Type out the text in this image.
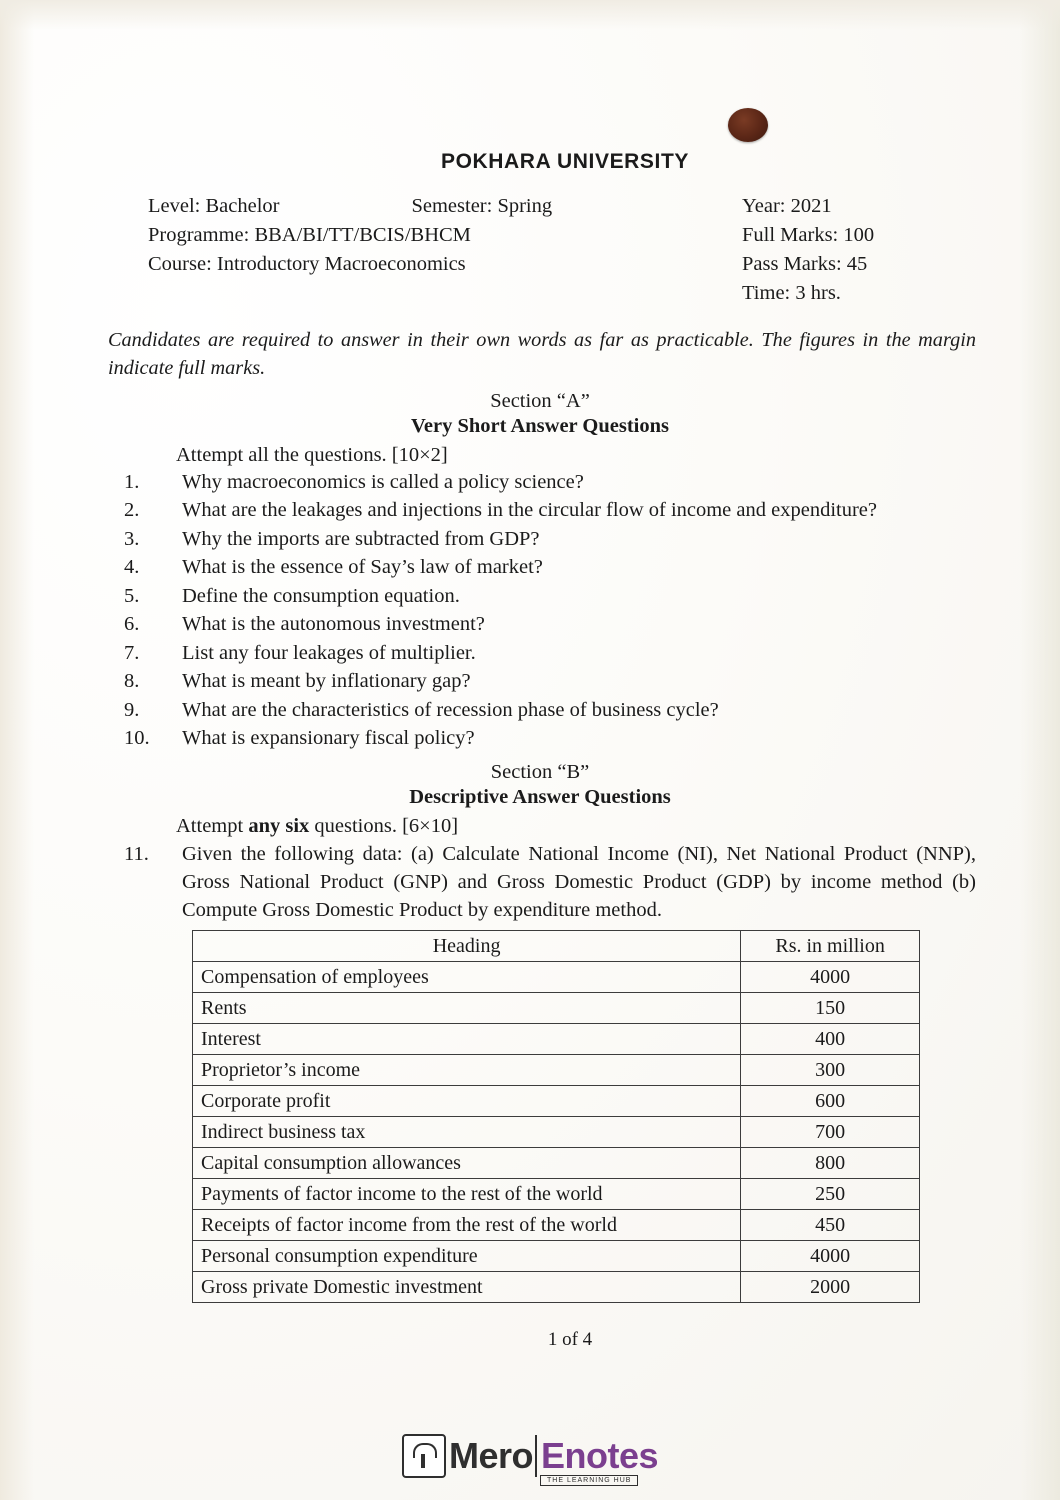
POKHARA UNIVERSITY
Level: Bachelor	Semester: Spring
Programme: BBA/BI/TT/BCIS/BHCM
Course: Introductory Macroeconomics
Year: 2021
Full Marks: 100
Pass Marks: 45
Time: 3 hrs.
Candidates are required to answer in their own words as far as practicable. The figures in the margin indicate full marks.
Section “A”
Very Short Answer Questions
Attempt all the questions. [10×2]
1.	Why macroeconomics is called a policy science?
2.	What are the leakages and injections in the circular flow of income and expenditure?
3.	Why the imports are subtracted from GDP?
4.	What is the essence of Say’s law of market?
5.	Define the consumption equation.
6.	What is the autonomous investment?
7.	List any four leakages of multiplier.
8.	What is meant by inflationary gap?
9.	What are the characteristics of recession phase of business cycle?
10.	What is expansionary fiscal policy?
Section “B”
Descriptive Answer Questions
Attempt any six questions. [6×10]
11.	Given the following data: (a) Calculate National Income (NI), Net National Product (NNP), Gross National Product (GNP) and Gross Domestic Product (GDP) by income method (b) Compute Gross Domestic Product by expenditure method.
Heading	Rs. in million
Compensation of employees	4000
Rents	150
Interest	400
Proprietor’s income	300
Corporate profit	600
Indirect business tax	700
Capital consumption allowances	800
Payments of factor income to the rest of the world	250
Receipts of factor income from the rest of the world	450
Personal consumption expenditure	4000
Gross private Domestic investment	2000
1 of 4
Mero Enotes
THE LEARNING HUB
